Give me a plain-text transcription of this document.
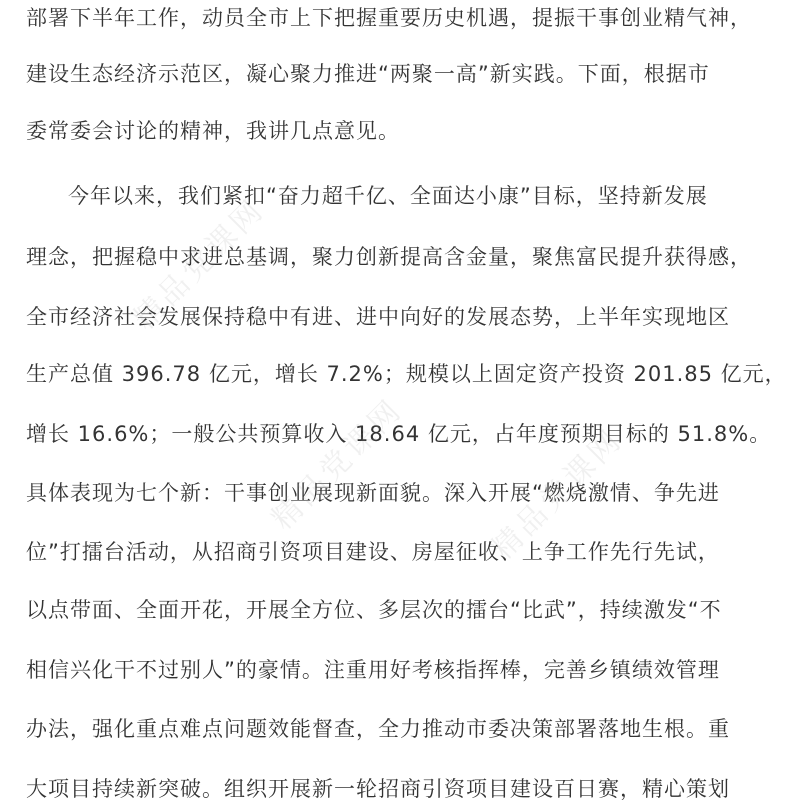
部署下半年工作，动员全市上下把握重要历史机遇，提振干事创业精气神，
建设生态经济示范区，凝心聚力推进“两聚一高”新实践。下面，根据市
委常委会讨论的精神，我讲几点意见。
今年以来，我们紧扣“奋力超千亿、全面达小康”目标，坚持新发展
理念，把握稳中求进总基调，聚力创新提高含金量，聚焦富民提升获得感，
全市经济社会发展保持稳中有进、进中向好的发展态势，上半年实现地区
生产总值 396.78 亿元，增长 7.2%；规模以上固定资产投资 201.85 亿元，
增长 16.6%；一般公共预算收入 18.64 亿元，占年度预期目标的 51.8%。
具体表现为七个新：干事创业展现新面貌。深入开展“燃烧激情、争先进
位”打擂台活动，从招商引资项目建设、房屋征收、上争工作先行先试，
以点带面、全面开花，开展全方位、多层次的擂台“比武”，持续激发“不
相信兴化干不过别人”的豪情。注重用好考核指挥棒，完善乡镇绩效管理
办法，强化重点难点问题效能督查，全力推动市委决策部署落地生根。重
大项目持续新突破。组织开展新一轮招商引资项目建设百日赛，精心策划
精品党课网
精品党课网	精品党课网
